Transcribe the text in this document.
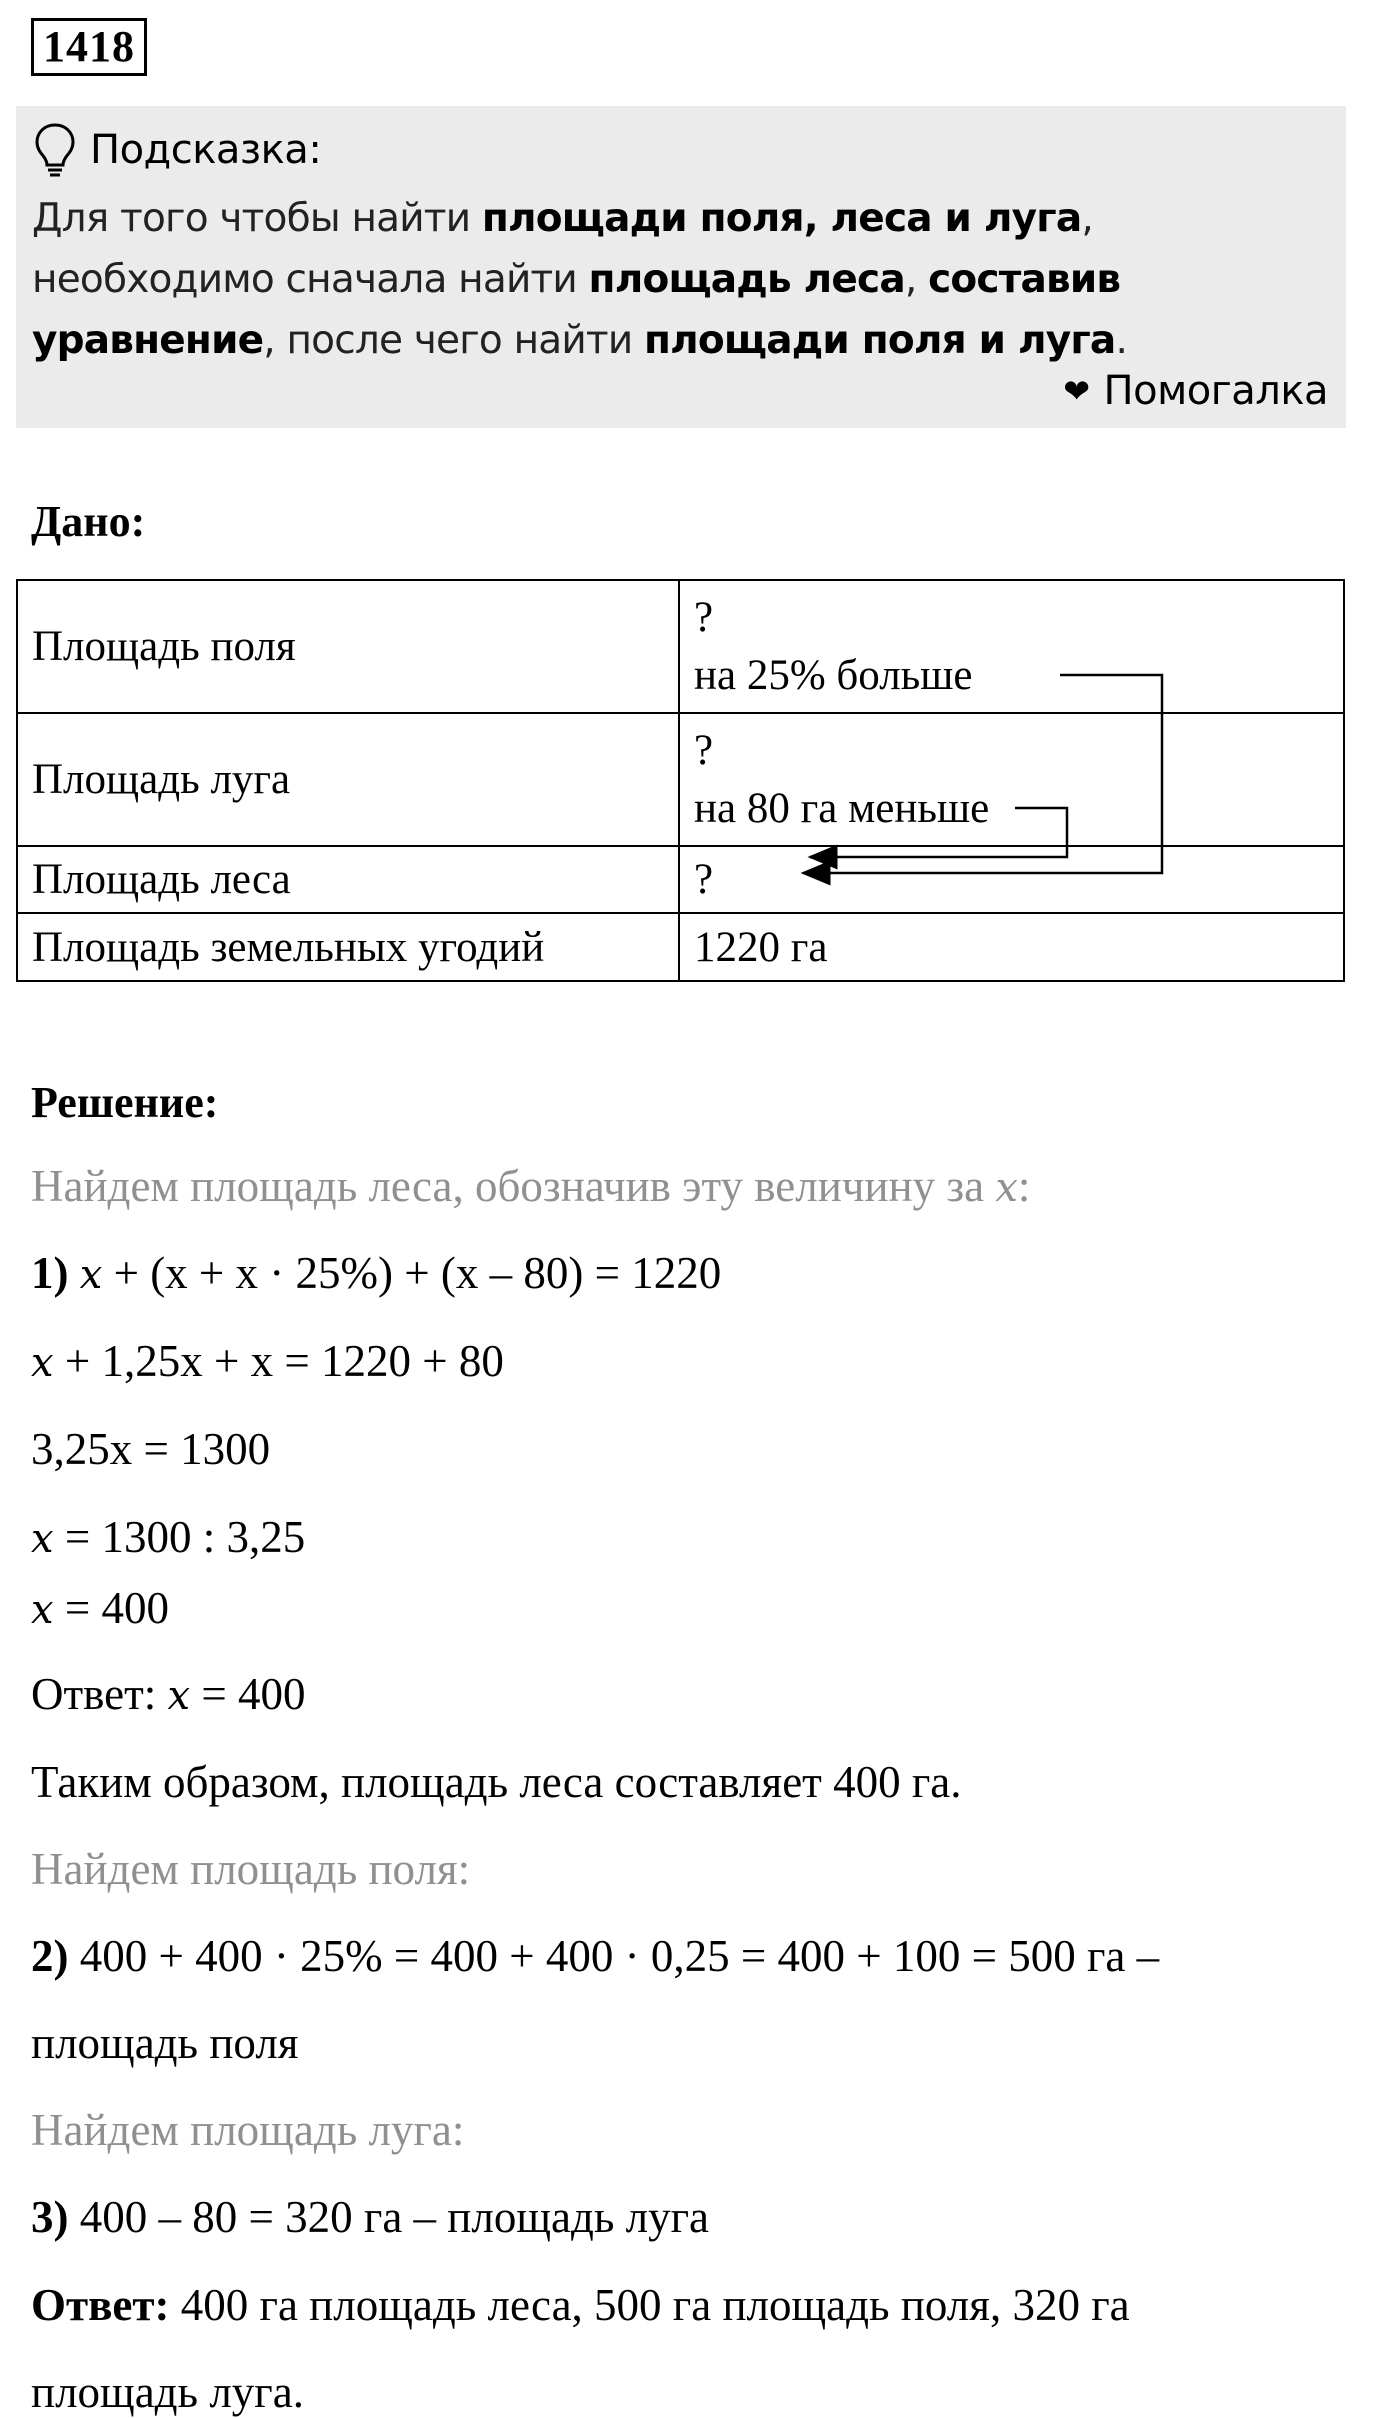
1418
Подсказка:
Для того чтобы найти площади поля, леса и луга,
необходимо сначала найти площадь леса, составив
уравнение, после чего найти площади поля и луга.
❤ Помогалка
Дано:
Площадь поля	?
на 25% больше

Площадь луга	?
на 80 га меньше

Площадь леса	?
Площадь земельных угодий	1220 га
Решение:
Найдем площадь леса, обозначив эту величину за x:
1) x + (x + x · 25%) + (x – 80) = 1220
x + 1,25x + x = 1220 + 80
3,25x = 1300
x = 1300 : 3,25
x = 400
Ответ: x = 400
Таким образом, площадь леса составляет 400 га.
Найдем площадь поля:
2) 400 + 400 · 25% = 400 + 400 · 0,25 = 400 + 100 = 500 га –
площадь поля
Найдем площадь луга:
3) 400 – 80 = 320 га – площадь луга
Ответ: 400 га площадь леса, 500 га площадь поля, 320 га
площадь луга.
